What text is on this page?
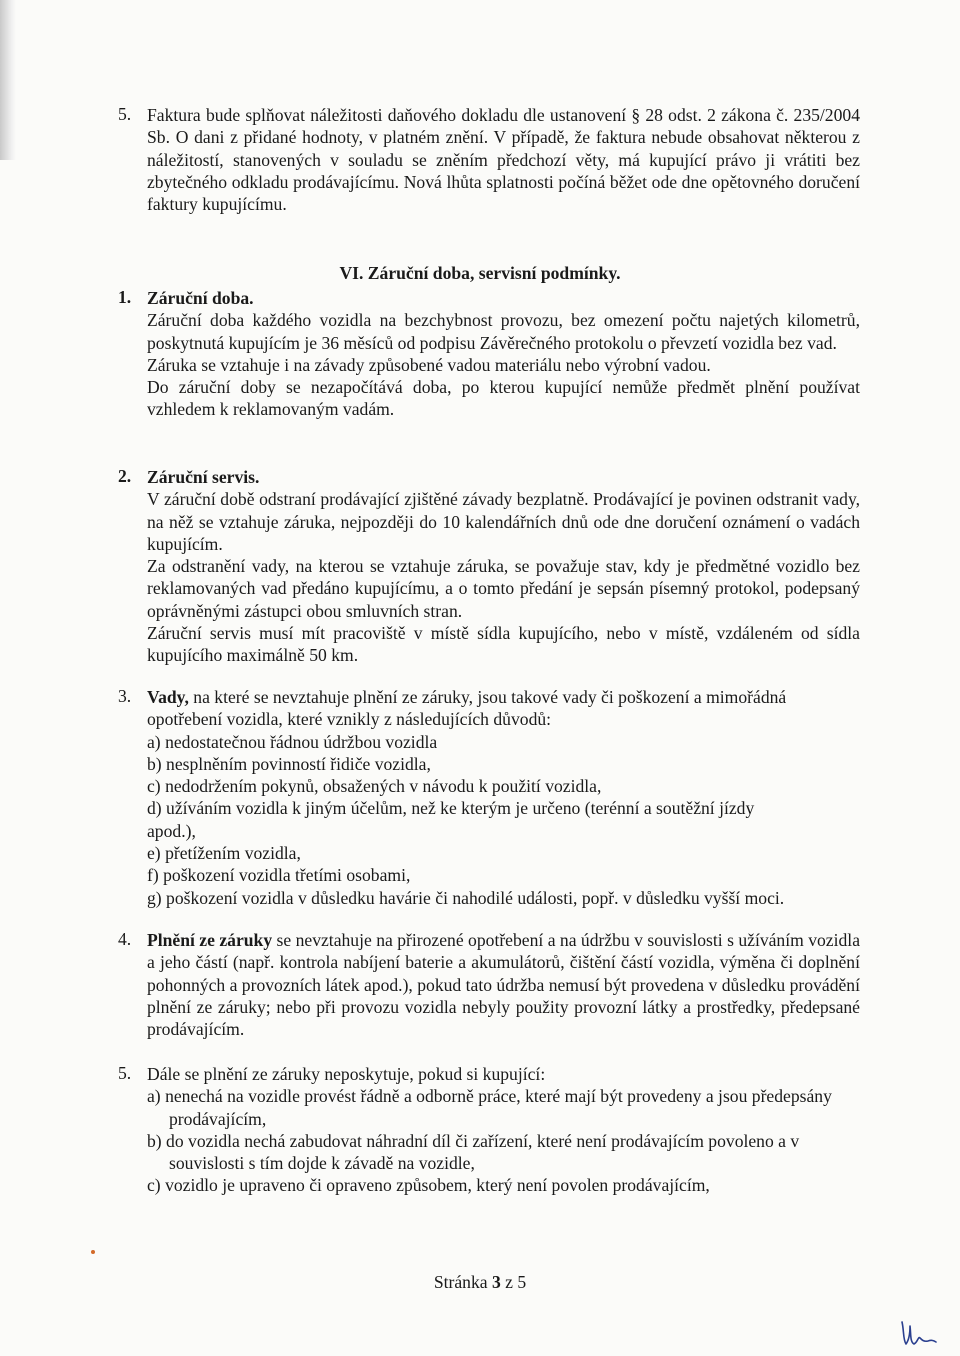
5. Faktura bude splňovat náležitosti daňového dokladu dle ustanovení § 28 odst. 2 zákona č. 235/2004 Sb. O dani z přidané hodnoty, v platném znění. V případě, že faktura nebude obsahovat některou z náležitostí, stanovených v souladu se zněním předchozí věty, má kupující právo ji vrátiti bez zbytečného odkladu prodávajícímu. Nová lhůta splatnosti počíná běžet ode dne opětovného doručení faktury kupujícímu.

VI. Záruční doba, servisní podmínky.
1. Záruční doba.

Záruční doba každého vozidla na bezchybnost provozu, bez omezení počtu najetých kilometrů, poskytnutá kupujícím je 36 měsíců od podpisu Závěrečného protokolu o převzetí vozidla bez vad.

Záruka se vztahuje i na závady způsobené vadou materiálu nebo výrobní vadou.

Do záruční doby se nezapočítává doba, po kterou kupující nemůže předmět plnění používat vzhledem k reklamovaným vadám.

2. Záruční servis.

V záruční době odstraní prodávající zjištěné závady bezplatně. Prodávající je povinen odstranit vady, na něž se vztahuje záruka, nejpozději do 10 kalendářních dnů ode dne doručení oznámení o vadách kupujícím.

Za odstranění vady, na kterou se vztahuje záruka, se považuje stav, kdy je předmětné vozidlo bez reklamovaných vad předáno kupujícímu, a o tomto předání je sepsán písemný protokol, podepsaný oprávněnými zástupci obou smluvních stran.

Záruční servis musí mít pracoviště v místě sídla kupujícího, nebo v místě, vzdáleném od sídla kupujícího maximálně 50 km.

3. Vady, na které se nevztahuje plnění ze záruky, jsou takové vady či poškození a mimořádná opotřebení vozidla, které vznikly z následujících důvodů:

a) nedostatečnou řádnou údržbou vozidla

b) nesplněním povinností řidiče vozidla,

c) nedodržením pokynů, obsažených v návodu k použití vozidla,

d) užíváním vozidla k jiným účelům, než ke kterým je určeno (terénní a soutěžní jízdy apod.),

e) přetížením vozidla,

f) poškození vozidla třetími osobami,

g) poškození vozidla v důsledku havárie či nahodilé události, popř. v důsledku vyšší moci.

4. Plnění ze záruky se nevztahuje na přirozené opotřebení a na údržbu v souvislosti s užíváním vozidla a jeho částí (např. kontrola nabíjení baterie a akumulátorů, čištění částí vozidla, výměna či doplnění pohonných a provozních látek apod.), pokud tato údržba nemusí být provedena v důsledku provádění plnění ze záruky; nebo při provozu vozidla nebyly použity provozní látky a prostředky, předepsané prodávajícím.

5. Dále se plnění ze záruky neposkytuje, pokud si kupující:

a) nenechá na vozidle provést řádně a odborně práce, které mají být provedeny a jsou předepsány prodávajícím,

b) do vozidla nechá zabudovat náhradní díl či zařízení, které není prodávajícím povoleno a v souvislosti s tím dojde k závadě na vozidle,

c) vozidlo je upraveno či opraveno způsobem, který není povolen prodávajícím,

Stránka 3 z 5
